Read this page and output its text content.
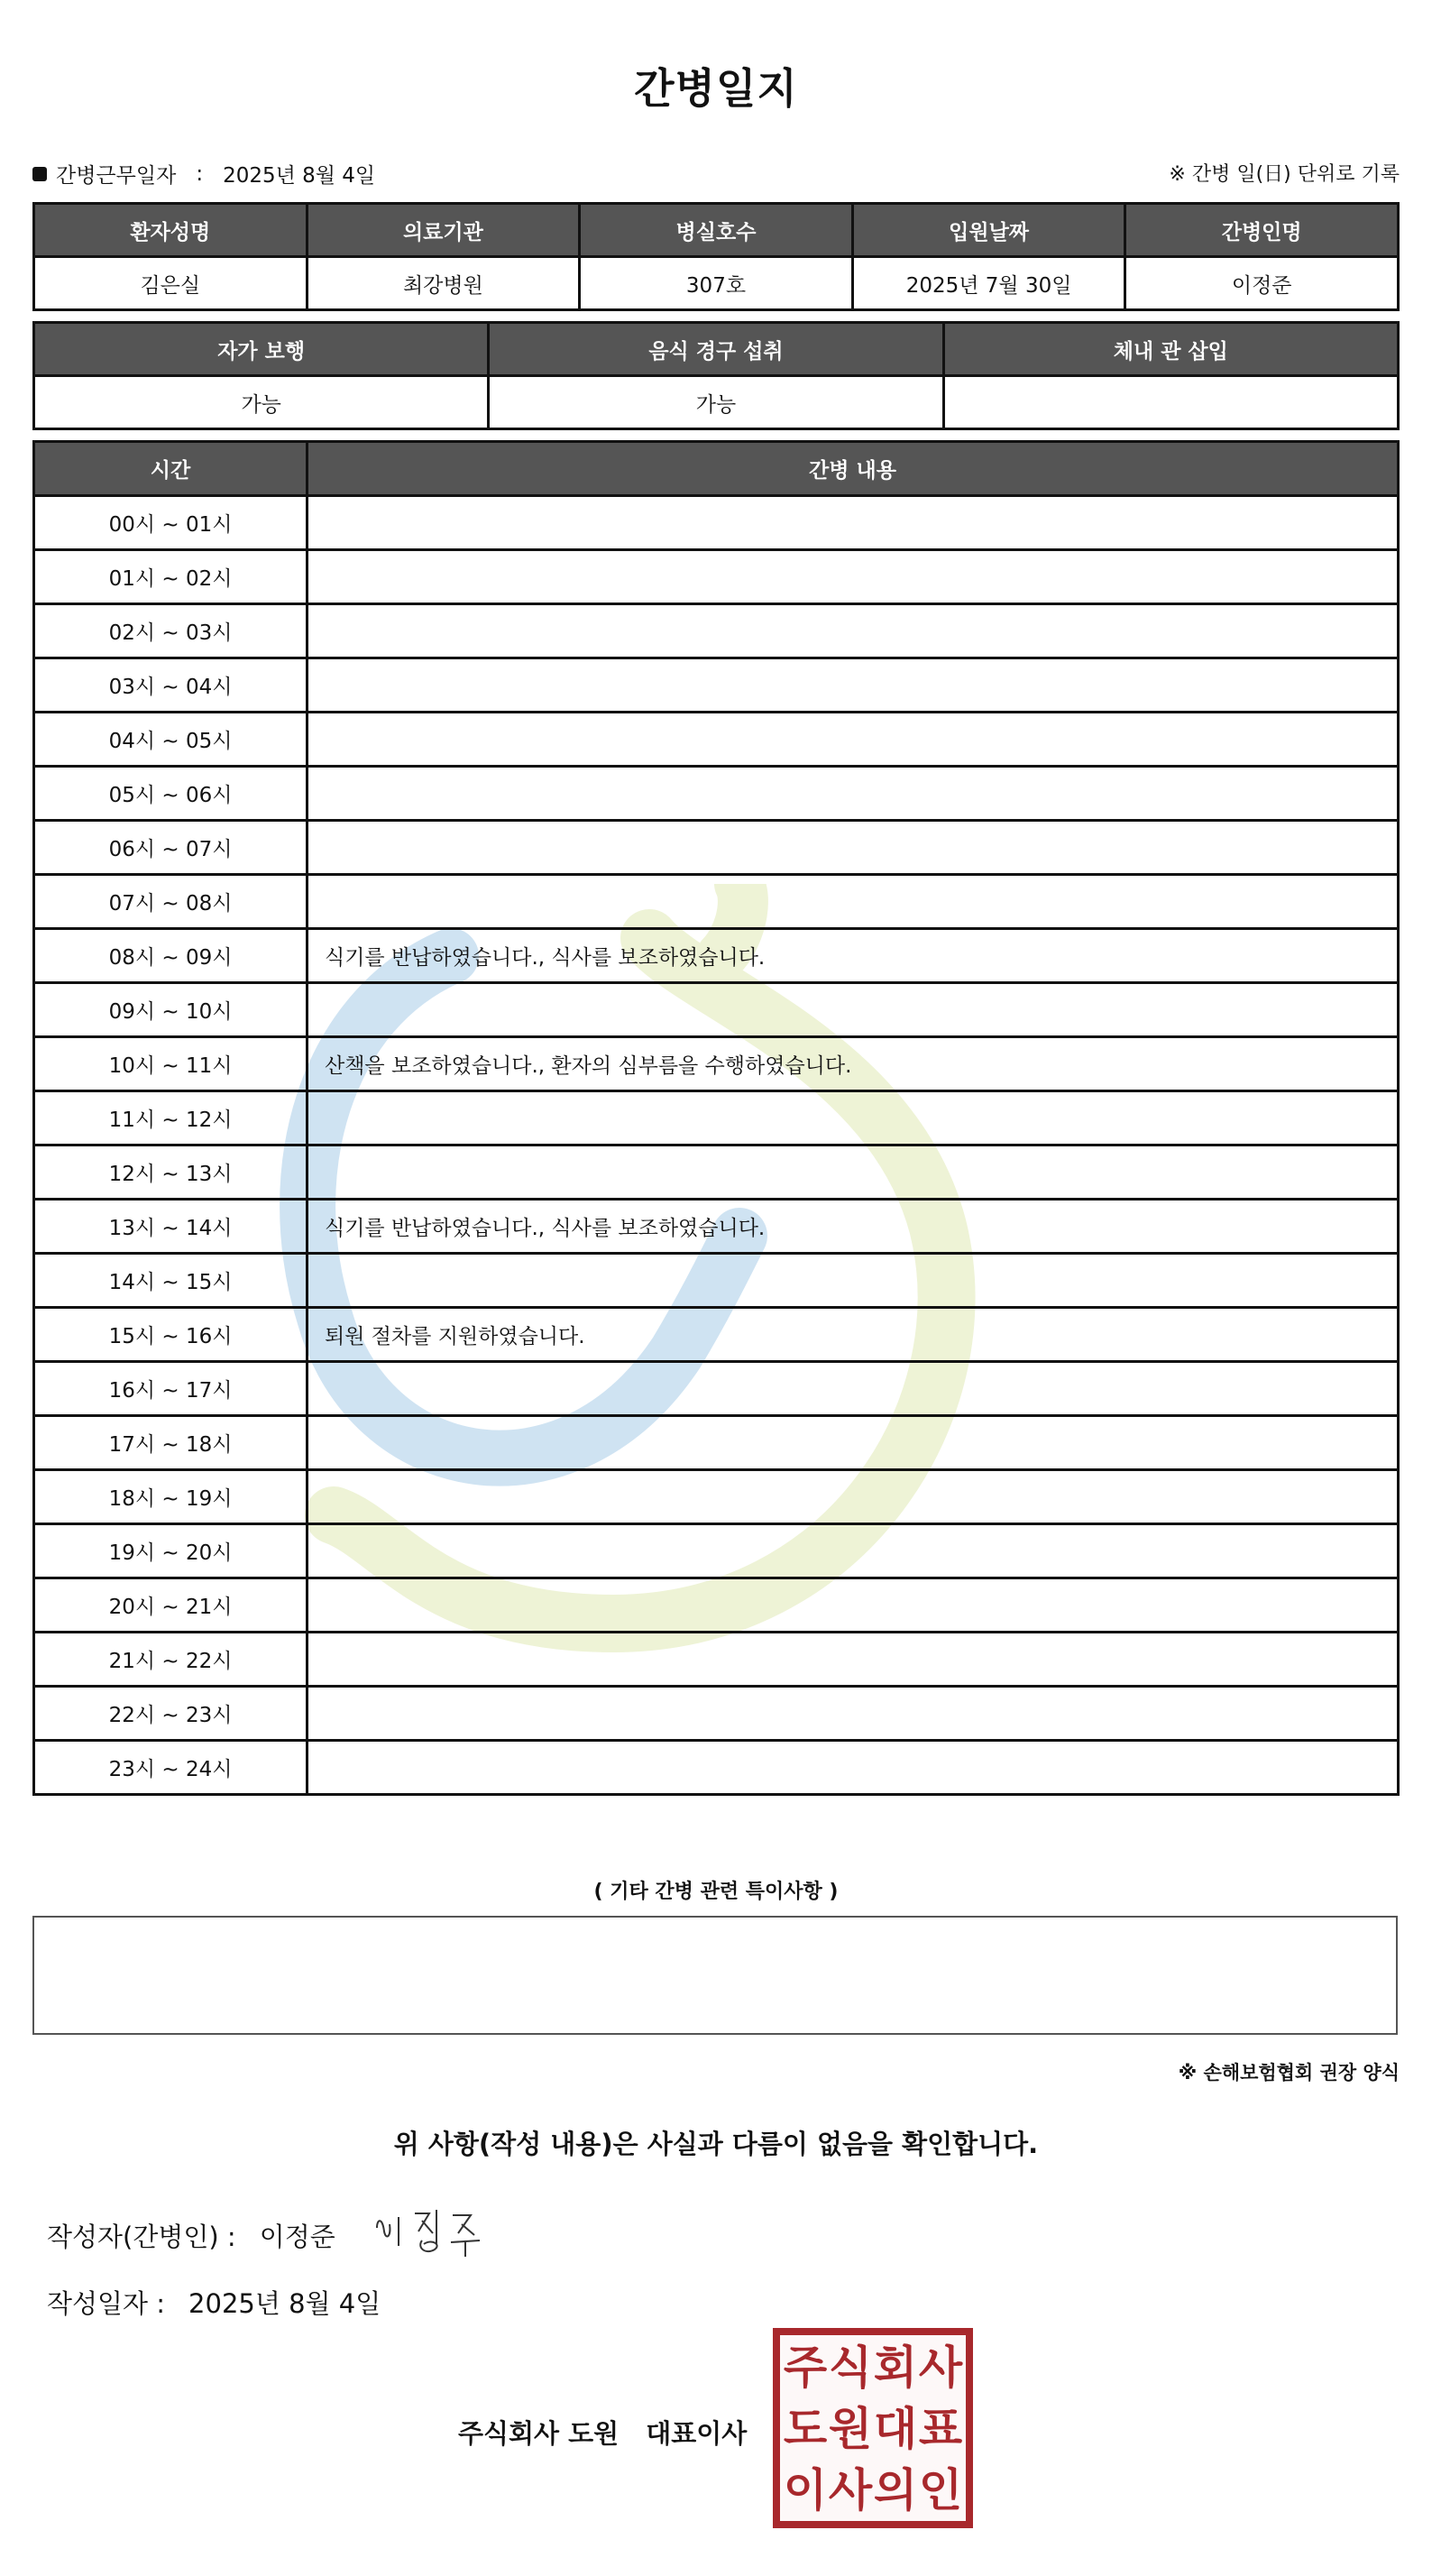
간병일지
간병근무일자 : 2025년 8월 4일	※ 간병 일(日) 단위로 기록
환자성명	의료기관	병실호수	입원날짜	간병인명
김은실	최강병원	307호	2025년 7월 30일	이정준
자가 보행	음식 경구 섭취	체내 관 삽입
가능	가능	
시간	간병 내용
00시 ~ 01시	
01시 ~ 02시	
02시 ~ 03시	
03시 ~ 04시	
04시 ~ 05시	
05시 ~ 06시	
06시 ~ 07시	
07시 ~ 08시	
08시 ~ 09시	식기를 반납하였습니다., 식사를 보조하였습니다.
09시 ~ 10시	
10시 ~ 11시	산책을 보조하였습니다., 환자의 심부름을 수행하였습니다.
11시 ~ 12시	
12시 ~ 13시	
13시 ~ 14시	식기를 반납하였습니다., 식사를 보조하였습니다.
14시 ~ 15시	
15시 ~ 16시	퇴원 절차를 지원하였습니다.
16시 ~ 17시	
17시 ~ 18시	
18시 ~ 19시	
19시 ~ 20시	
20시 ~ 21시	
21시 ~ 22시	
22시 ~ 23시	
23시 ~ 24시	
( 기타 간병 관련 특이사항 )
※ 손해보험협회 권장 양식
위 사항(작성 내용)은 사실과 다름이 없음을 확인합니다.
작성자(간병인) : 이정준
작성일자 : 2025년 8월 4일
주식회사 도원 대표이사
주 식 회 사
도 원 대 표
이 사 의 인
